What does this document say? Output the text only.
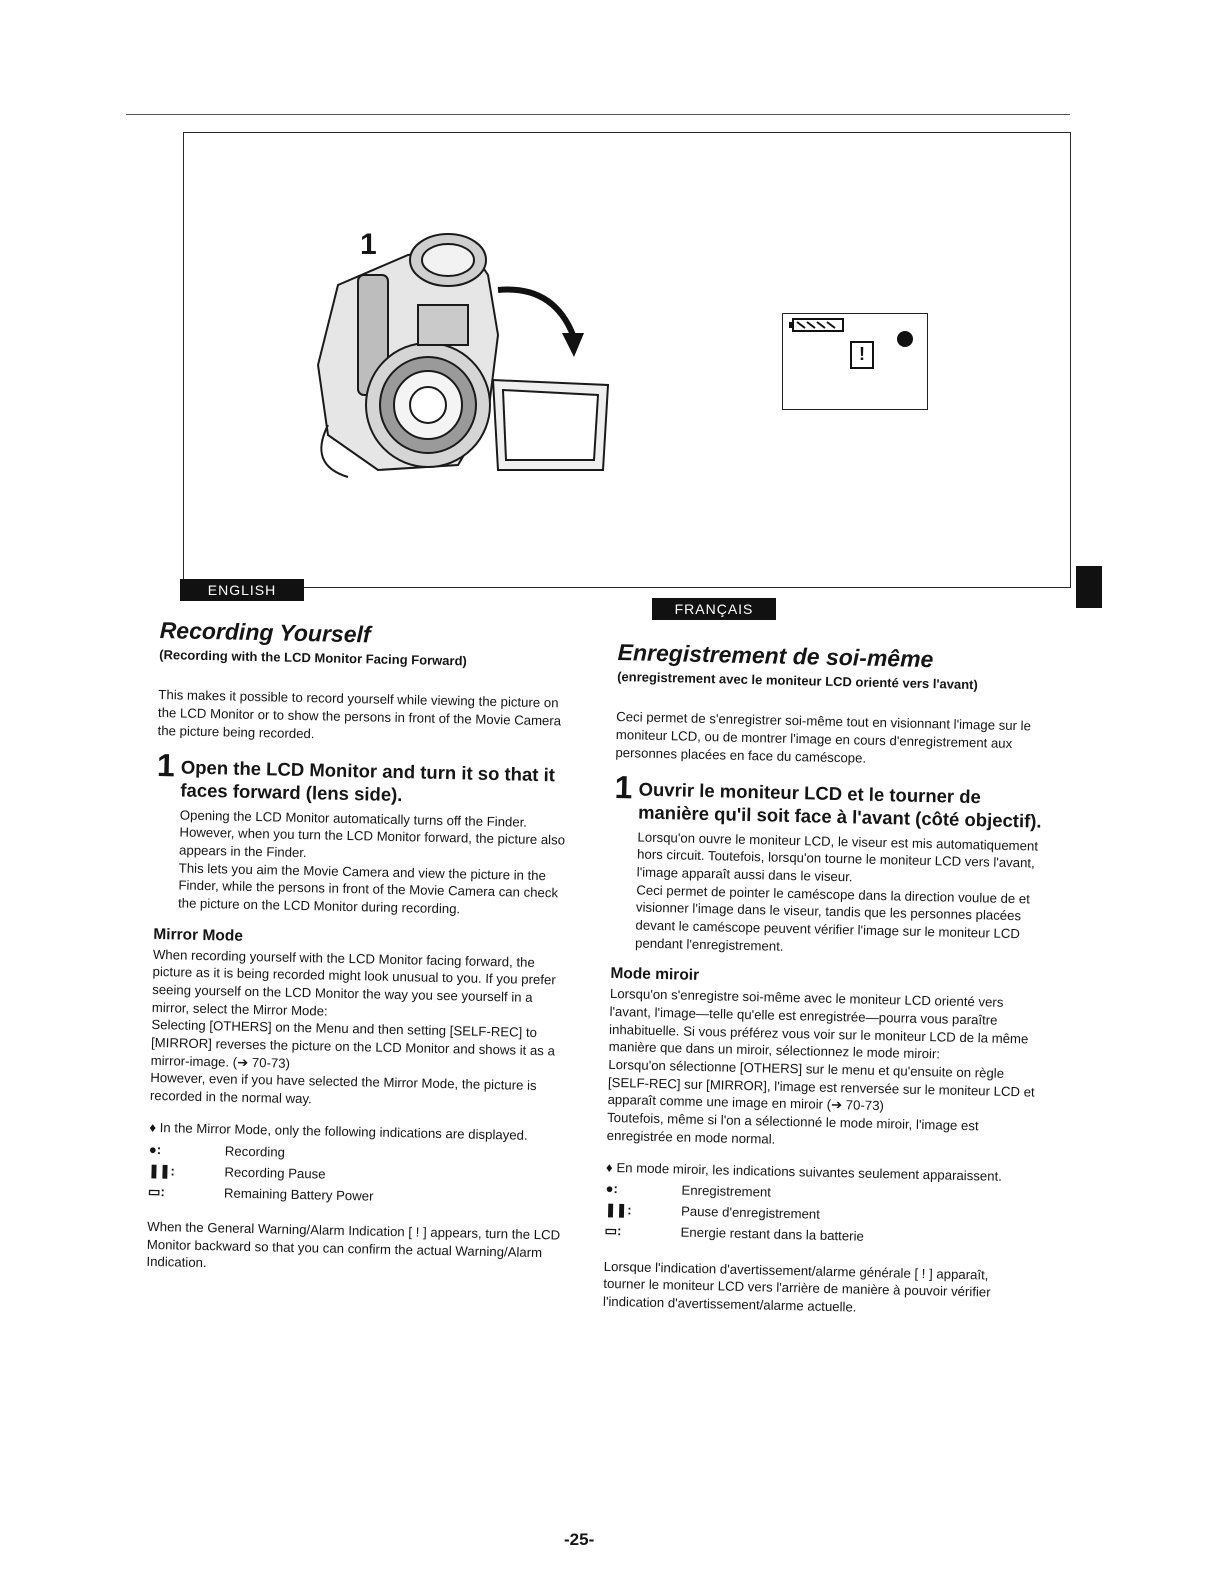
1
!
ENGLISH
FRANÇAIS
Recording Yourself
(Recording with the LCD Monitor Facing Forward)

This makes it possible to record yourself while viewing the picture on the LCD Monitor or to show the persons in front of the Movie Camera the picture being recorded.

1 Open the LCD Monitor and turn it so that it faces forward (lens side).

Opening the LCD Monitor automatically turns off the Finder. However, when you turn the LCD Monitor forward, the picture also appears in the Finder.

This lets you aim the Movie Camera and view the picture in the Finder, while the persons in front of the Movie Camera can check the picture on the LCD Monitor during recording.

Mirror Mode

When recording yourself with the LCD Monitor facing forward, the picture as it is being recorded might look unusual to you. If you prefer seeing yourself on the LCD Monitor the way you see yourself in a mirror, select the Mirror Mode:

Selecting [OTHERS] on the Menu and then setting [SELF-REC] to [MIRROR] reverses the picture on the LCD Monitor and shows it as a mirror-image. (➔ 70-73)

However, even if you have selected the Mirror Mode, the picture is recorded in the normal way.

♦ In the Mirror Mode, only the following indications are displayed.
●:	Recording
❚❚:	Recording Pause
▭:	Remaining Battery Power

When the General Warning/Alarm Indication [ ! ] appears, turn the LCD Monitor backward so that you can confirm the actual Warning/Alarm Indication.

Enregistrement de soi-même
(enregistrement avec le moniteur LCD orienté vers l'avant)

Ceci permet de s'enregistrer soi-même tout en visionnant l'image sur le moniteur LCD, ou de montrer l'image en cours d'enregistrement aux personnes placées en face du caméscope.

1 Ouvrir le moniteur LCD et le tourner de manière qu'il soit face à l'avant (côté objectif).

Lorsqu'on ouvre le moniteur LCD, le viseur est mis automatiquement hors circuit. Toutefois, lorsqu'on tourne le moniteur LCD vers l'avant, l'image apparaît aussi dans le viseur.

Ceci permet de pointer le caméscope dans la direction voulue de et visionner l'image dans le viseur, tandis que les personnes placées devant le caméscope peuvent vérifier l'image sur le moniteur LCD pendant l'enregistrement.

Mode miroir

Lorsqu'on s'enregistre soi-même avec le moniteur LCD orienté vers l'avant, l'image—telle qu'elle est enregistrée—pourra vous paraître inhabituelle. Si vous préférez vous voir sur le moniteur LCD de la même manière que dans un miroir, sélectionnez le mode miroir:

Lorsqu'on sélectionne [OTHERS] sur le menu et qu'ensuite on règle [SELF-REC] sur [MIRROR], l'image est renversée sur le moniteur LCD et apparaît comme une image en miroir (➔ 70-73)

Toutefois, même si l'on a sélectionné le mode miroir, l'image est enregistrée en mode normal.

♦ En mode miroir, les indications suivantes seulement apparaissent.
●:	Enregistrement
❚❚:	Pause d'enregistrement
▭:	Energie restant dans la batterie

Lorsque l'indication d'avertissement/alarme générale [ ! ] apparaît, tourner le moniteur LCD vers l'arrière de manière à pouvoir vérifier l'indication d'avertissement/alarme actuelle.

-25-
